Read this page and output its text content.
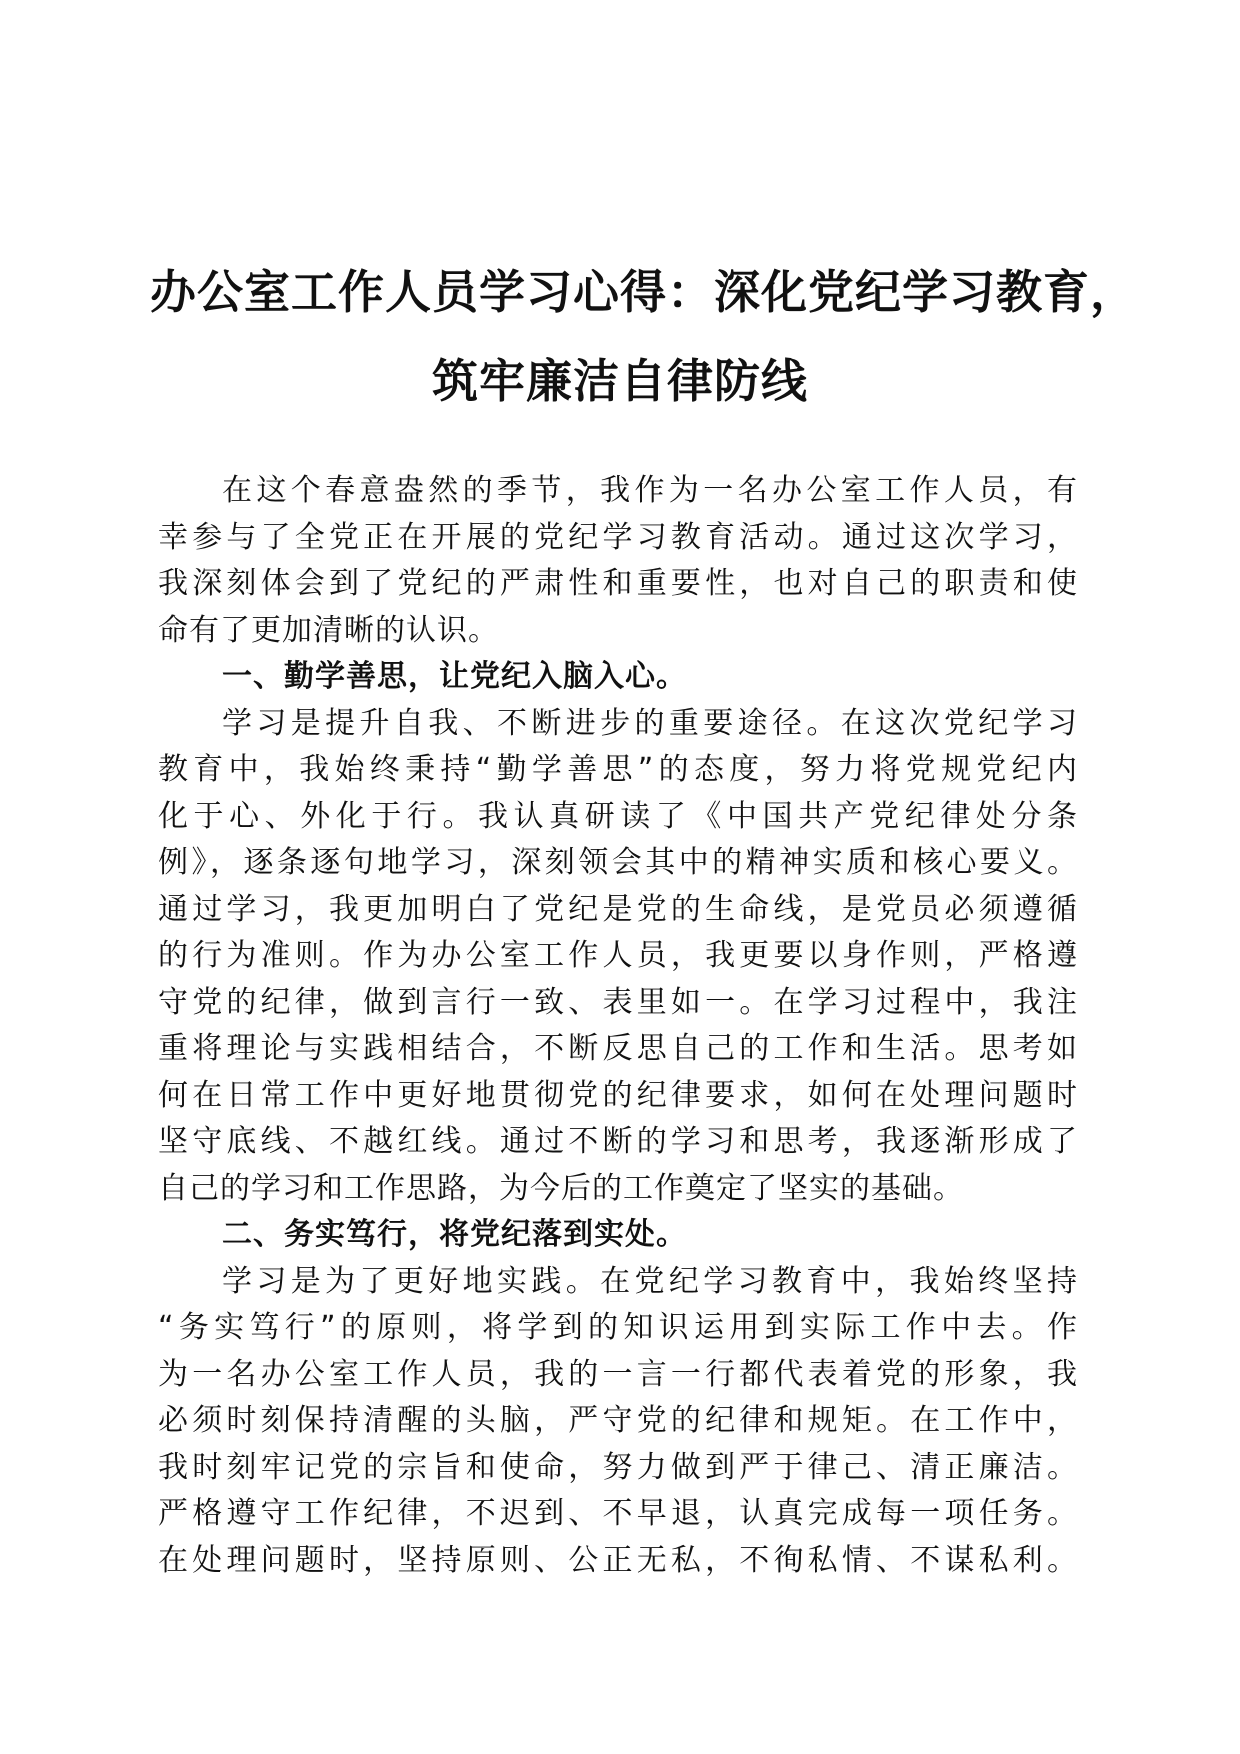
办公室工作人员学习心得：深化党纪学习教育，
筑牢廉洁自律防线
在这个春意盎然的季节，我作为一名办公室工作人员，有
幸参与了全党正在开展的党纪学习教育活动。通过这次学习，
我深刻体会到了党纪的严肃性和重要性，也对自己的职责和使
命有了更加清晰的认识。
一、勤学善思，让党纪入脑入心。
学习是提升自我、不断进步的重要途径。在这次党纪学习
教育中，我始终秉持“勤学善思”的态度，努力将党规党纪内
化于心、外化于行。我认真研读了《中国共产党纪律处分条
例》，逐条逐句地学习，深刻领会其中的精神实质和核心要义。
通过学习，我更加明白了党纪是党的生命线，是党员必须遵循
的行为准则。作为办公室工作人员，我更要以身作则，严格遵
守党的纪律，做到言行一致、表里如一。在学习过程中，我注
重将理论与实践相结合，不断反思自己的工作和生活。思考如
何在日常工作中更好地贯彻党的纪律要求，如何在处理问题时
坚守底线、不越红线。通过不断的学习和思考，我逐渐形成了
自己的学习和工作思路，为今后的工作奠定了坚实的基础。
二、务实笃行，将党纪落到实处。
学习是为了更好地实践。在党纪学习教育中，我始终坚持
“务实笃行”的原则，将学到的知识运用到实际工作中去。作
为一名办公室工作人员，我的一言一行都代表着党的形象，我
必须时刻保持清醒的头脑，严守党的纪律和规矩。在工作中，
我时刻牢记党的宗旨和使命，努力做到严于律己、清正廉洁。
严格遵守工作纪律，不迟到、不早退，认真完成每一项任务。
在处理问题时，坚持原则、公正无私，不徇私情、不谋私利。
